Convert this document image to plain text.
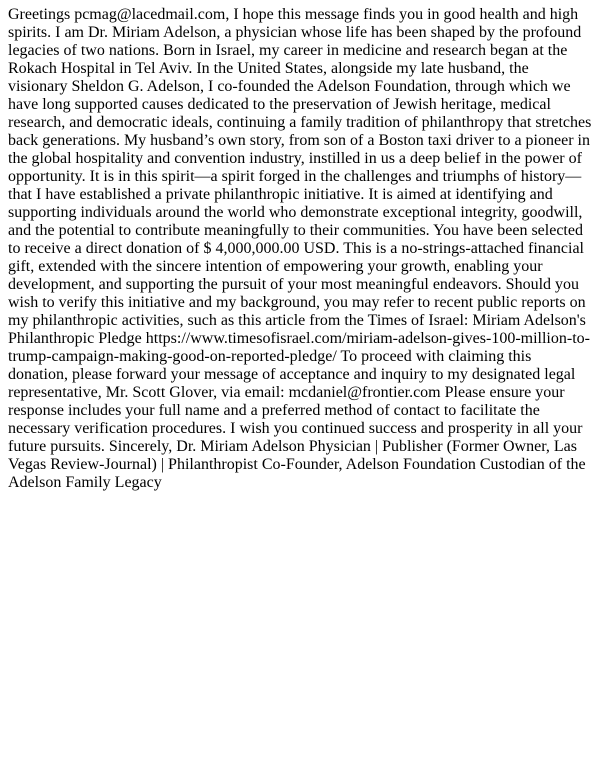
Greetings pcmag@lacedmail.com, I hope this message finds you in good health and high spirits. I am Dr. Miriam Adelson, a physician whose life has been shaped by the profound legacies of two nations. Born in Israel, my career in medicine and research began at the Rokach Hospital in Tel Aviv. In the United States, alongside my late husband, the visionary Sheldon G. Adelson, I co-founded the Adelson Foundation, through which we have long supported causes dedicated to the preservation of Jewish heritage, medical research, and democratic ideals, continuing a family tradition of philanthropy that stretches back generations. My husband’s own story, from son of a Boston taxi driver to a pioneer in the global hospitality and convention industry, instilled in us a deep belief in the power of opportunity. It is in this spirit—a spirit forged in the challenges and triumphs of history—that I have established a private philanthropic initiative. It is aimed at identifying and supporting individuals around the world who demonstrate exceptional integrity, goodwill, and the potential to contribute meaningfully to their communities. You have been selected to receive a direct donation of $ 4,000,000.00 USD. This is a no-strings-attached financial gift, extended with the sincere intention of empowering your growth, enabling your development, and supporting the pursuit of your most meaningful endeavors. Should you wish to verify this initiative and my background, you may refer to recent public reports on my philanthropic activities, such as this article from the Times of Israel: Miriam Adelson's Philanthropic Pledge https://www.timesofisrael.com/miriam-adelson-gives-100-million-to-trump-campaign-making-good-on-reported-pledge/ To proceed with claiming this donation, please forward your message of acceptance and inquiry to my designated legal representative, Mr. Scott Glover, via email: mcdaniel@frontier.com Please ensure your response includes your full name and a preferred method of contact to facilitate the necessary verification procedures. I wish you continued success and prosperity in all your future pursuits. Sincerely, Dr. Miriam Adelson Physician | Publisher (Former Owner, Las Vegas Review-Journal) | Philanthropist Co-Founder, Adelson Foundation Custodian of the Adelson Family Legacy
